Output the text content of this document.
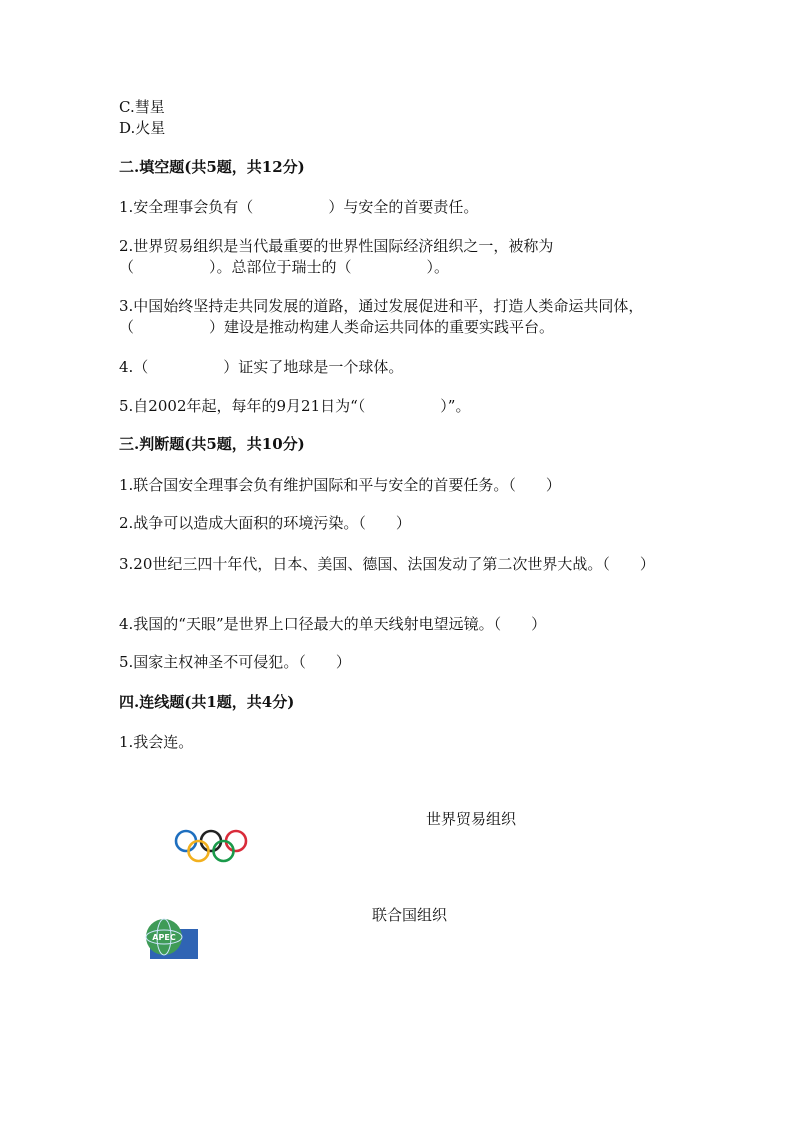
C.彗星
D.火星
二.填空题(共5题，共12分)
1.安全理事会负有（　　　　　）与安全的首要责任。
2.世界贸易组织是当代最重要的世界性国际经济组织之一，被称为（　　　　　）。总部位于瑞士的（　　　　　）。
3.中国始终坚持走共同发展的道路，通过发展促进和平，打造人类命运共同体，（　　　　　）建设是推动构建人类命运共同体的重要实践平台。
4.（　　　　　）证实了地球是一个球体。
5.自2002年起，每年的9月21日为“（　　　　　）”。
三.判断题(共5题，共10分)
1.联合国安全理事会负有维护国际和平与安全的首要任务。（　　）
2.战争可以造成大面积的环境污染。（　　）
3.20世纪三四十年代，日本、美国、德国、法国发动了第二次世界大战。（　　）
4.我国的“天眼”是世界上口径最大的单天线射电望远镜。（　　）
5.国家主权神圣不可侵犯。（　　）
四.连线题(共1题，共4分)
1.我会连。
世界贸易组织
联合国组织
APEC
